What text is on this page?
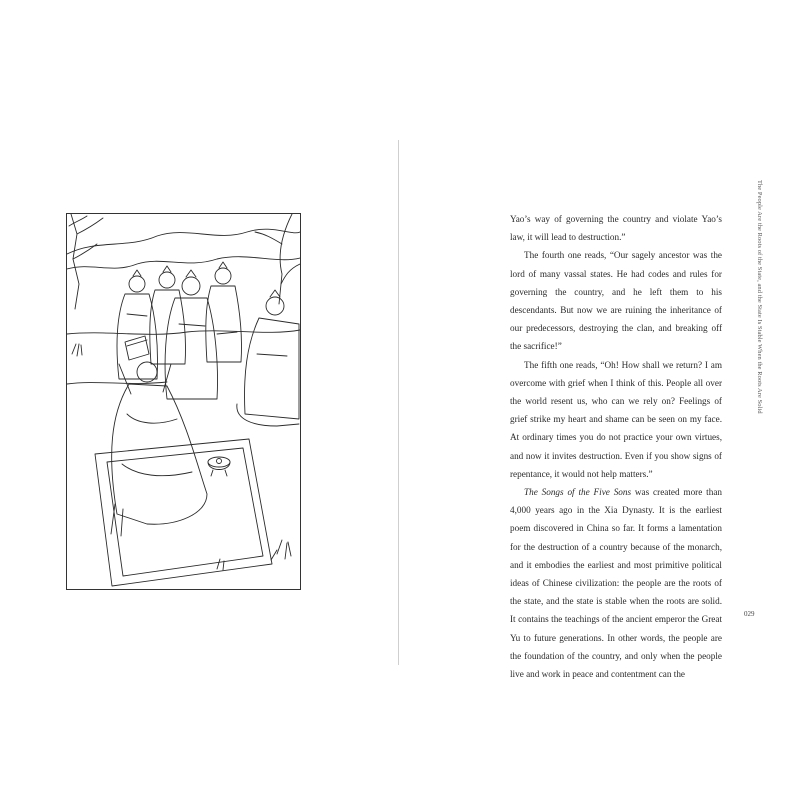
Yao’s way of governing the country and violate Yao’s law, it will lead to destruction.”

The fourth one reads, “Our sagely ancestor was the lord of many vassal states. He had codes and rules for governing the country, and he left them to his descendants. But now we are ruining the inheritance of our predecessors, destroying the clan, and breaking off the sacrifice!”

The fifth one reads, “Oh! How shall we return? I am overcome with grief when I think of this. People all over the world resent us, who can we rely on? Feelings of grief strike my heart and shame can be seen on my face. At ordinary times you do not practice your own virtues, and now it invites destruction. Even if you show signs of repentance, it would not help matters.”

The Songs of the Five Sons was created more than 4,000 years ago in the Xia Dynasty. It is the earliest poem discovered in China so far. It forms a lamentation for the destruction of a country because of the monarch, and it embodies the earliest and most primitive political ideas of Chinese civilization: the people are the roots of the state, and the state is stable when the roots are solid. It contains the teachings of the ancient emperor the Great Yu to future generations. In other words, the people are the foundation of the country, and only when the people live and work in peace and contentment can the

The People Are the Roots of the State, and the State Is Stable When the Roots Are Solid
029
